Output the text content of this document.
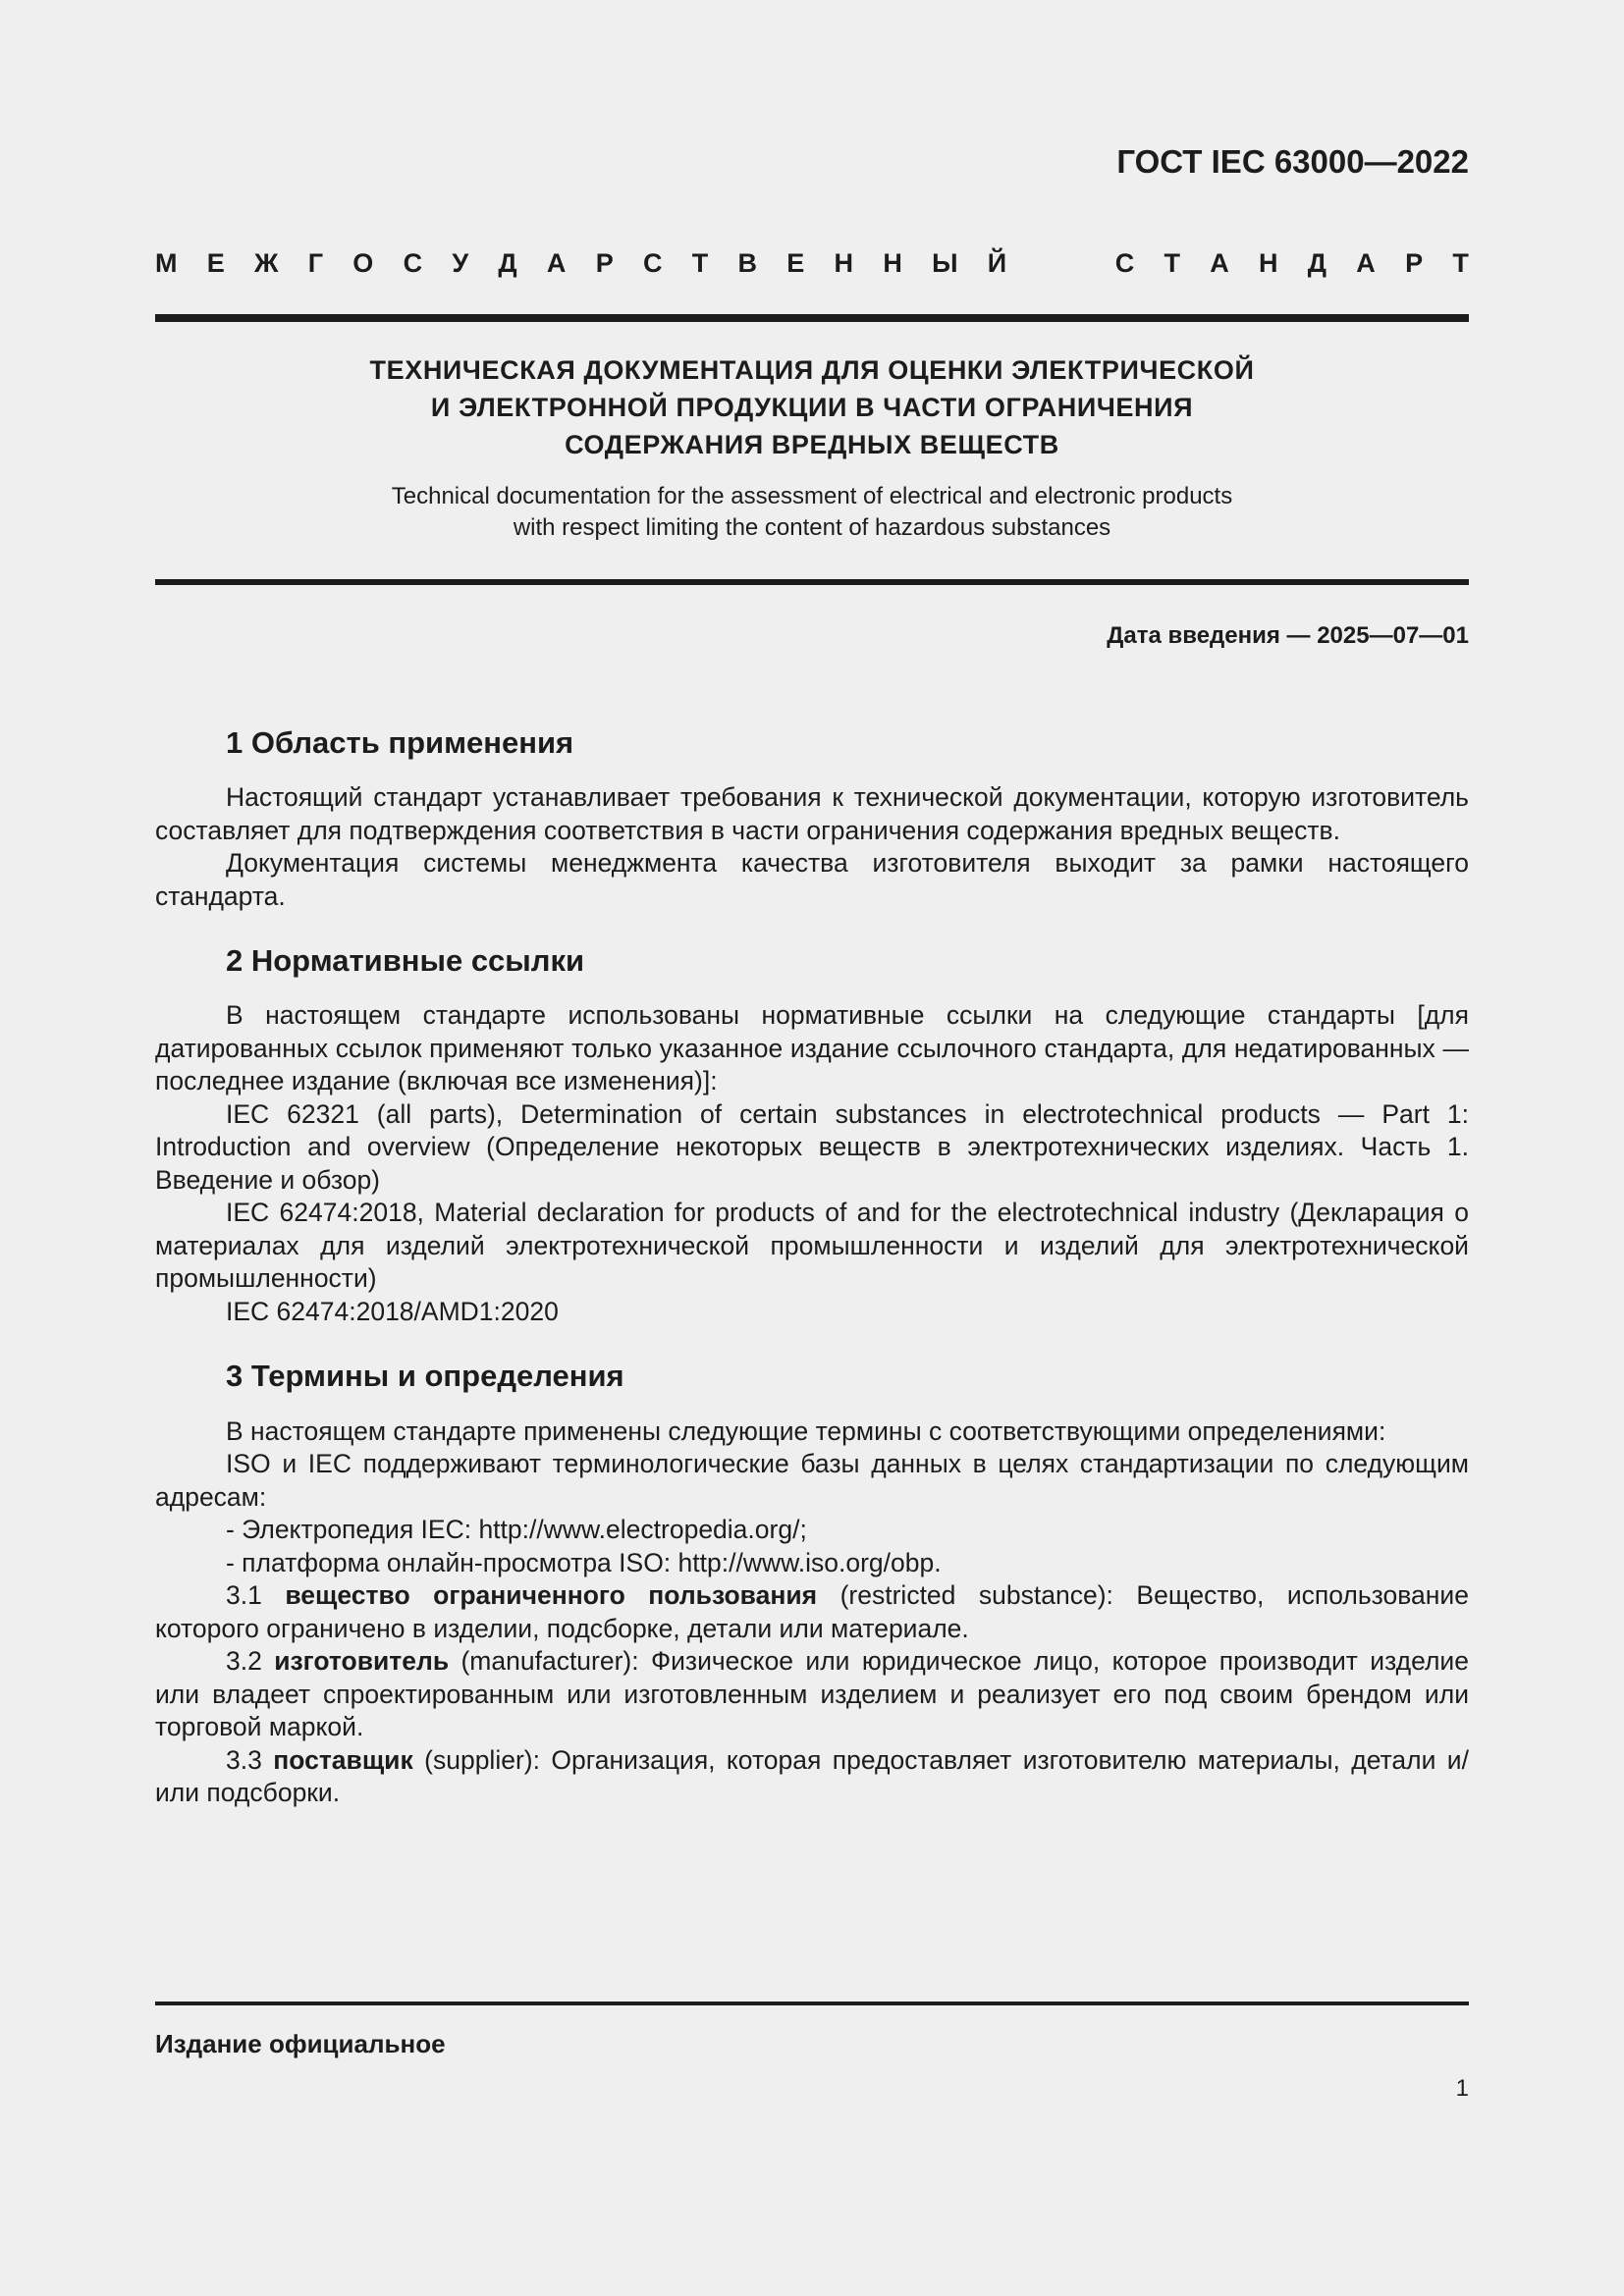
ГОСТ IEC 63000—2022
М Е Ж Г О С У Д А Р С Т В Е Н Н Ы Й	С Т А Н Д А Р Т
ТЕХНИЧЕСКАЯ ДОКУМЕНТАЦИЯ ДЛЯ ОЦЕНКИ ЭЛЕКТРИЧЕСКОЙ
И ЭЛЕКТРОННОЙ ПРОДУКЦИИ В ЧАСТИ ОГРАНИЧЕНИЯ
СОДЕРЖАНИЯ ВРЕДНЫХ ВЕЩЕСТВ

Technical documentation for the assessment of electrical and electronic products
with respect limiting the content of hazardous substances

Дата введения — 2025—07—01
1 Область применения

Настоящий стандарт устанавливает требования к технической документации, которую изготовитель составляет для подтверждения соответствия в части ограничения содержания вредных веществ.

Документация системы менеджмента качества изготовителя выходит за рамки настоящего стандарта.

2 Нормативные ссылки

В настоящем стандарте использованы нормативные ссылки на следующие стандарты [для датированных ссылок применяют только указанное издание ссылочного стандарта, для недатированных — последнее издание (включая все изменения)]:

IEC 62321 (all parts), Determination of certain substances in electrotechnical products — Part 1: Introduction and overview (Определение некоторых веществ в электротехнических изделиях. Часть 1. Введение и обзор)

IEC 62474:2018, Material declaration for products of and for the electrotechnical industry (Декларация о материалах для изделий электротехнической промышленности и изделий для электротехнической промышленности)

IEC 62474:2018/AMD1:2020

3 Термины и определения

В настоящем стандарте применены следующие термины с соответствующими определениями:

ISO и IEC поддерживают терминологические базы данных в целях стандартизации по следующим адресам:

- Электропедия IEC: http://www.electropedia.org/;

- платформа онлайн-просмотра ISO: http://www.iso.org/obp.

3.1 вещество ограниченного пользования (restricted substance): Вещество, использование которого ограничено в изделии, подсборке, детали или материале.

3.2 изготовитель (manufacturer): Физическое или юридическое лицо, которое производит изделие или владеет спроектированным или изготовленным изделием и реализует его под своим брендом или торговой маркой.

3.3 поставщик (supplier): Организация, которая предоставляет изготовителю материалы, детали и/или подсборки.

Издание официальное
1
